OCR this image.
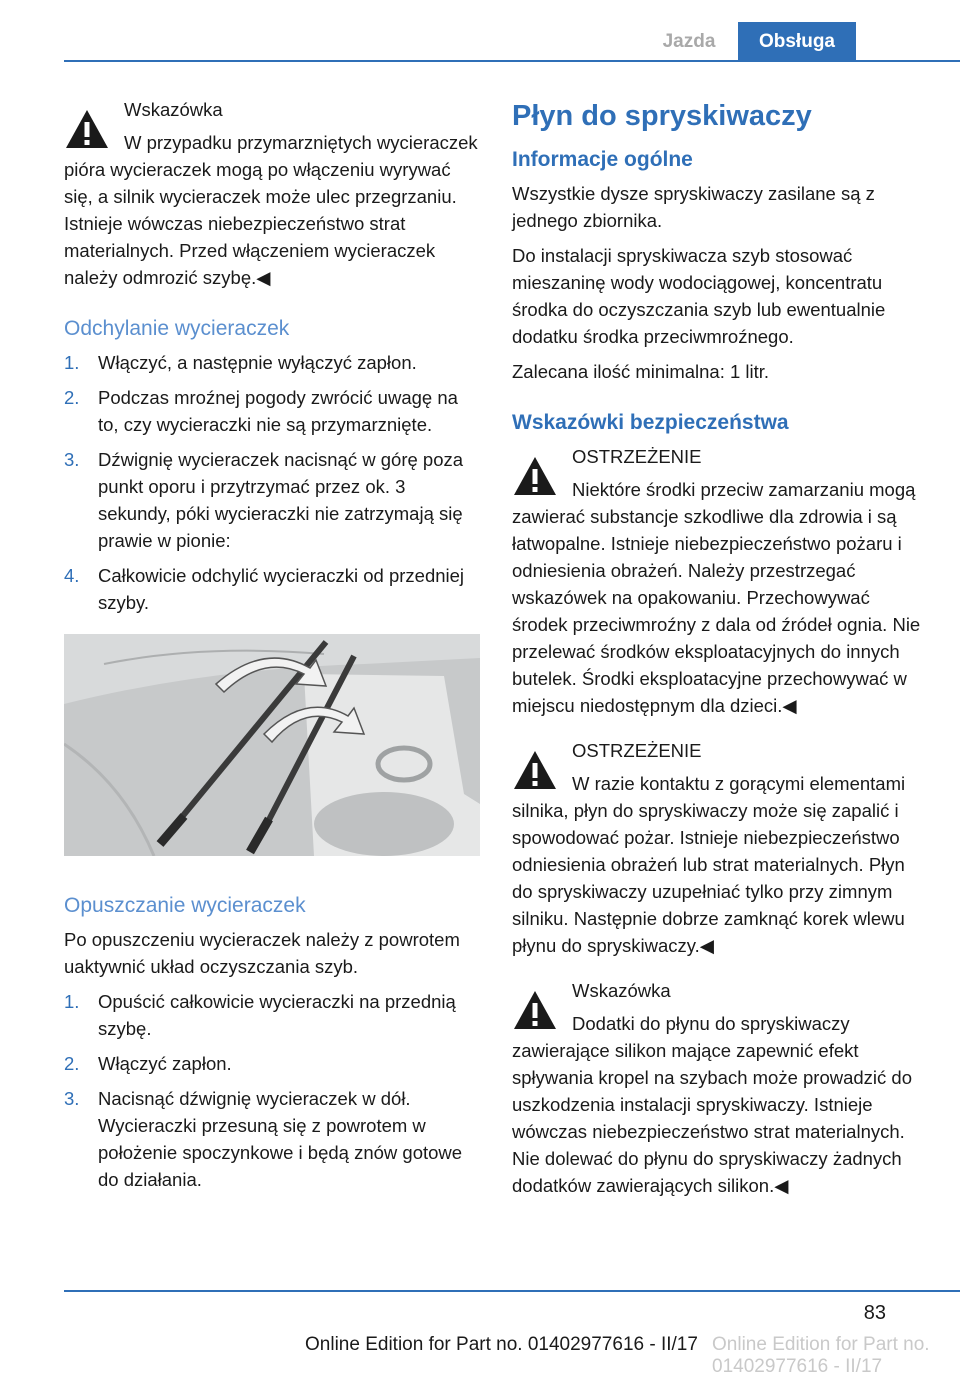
Jazda	Obsługa
Wskazówka
W przypadku przymarzniętych wycieraczek pióra wycieraczek mogą po włączeniu wyrywać się, a silnik wycieraczek może ulec przegrzaniu. Istnieje wówczas niebezpieczeństwo strat materialnych. Przed włączeniem wycieraczek należy odmrozić szybę.◀
Odchylanie wycieraczek
1.	Włączyć, a następnie wyłączyć zapłon.
2.	Podczas mroźnej pogody zwrócić uwagę na to, czy wycieraczki nie są przymarznięte.
3.	Dźwignię wycieraczek nacisnąć w górę poza punkt oporu i przytrzymać przez ok. 3 sekundy, póki wycieraczki nie zatrzymają się prawie w pionie:
4.	Całkowicie odchylić wycieraczki od przedniej szyby.
Opuszczanie wycieraczek

Po opuszczeniu wycieraczek należy z powrotem uaktywnić układ oczyszczania szyb.

1.	Opuścić całkowicie wycieraczki na przednią szybę.
2.	Włączyć zapłon.
3.	Nacisnąć dźwignię wycieraczek w dół. Wycieraczki przesuną się z powrotem w położenie spoczynkowe i będą znów gotowe do działania.
Płyn do spryskiwaczy
Informacje ogólne

Wszystkie dysze spryskiwaczy zasilane są z jednego zbiornika.

Do instalacji spryskiwacza szyb stosować mieszaninę wody wodociągowej, koncentratu środka do oczyszczania szyb lub ewentualnie dodatku środka przeciwmroźnego.

Zalecana ilość minimalna: 1 litr.

Wskazówki bezpieczeństwa
OSTRZEŻENIE
Niektóre środki przeciw zamarzaniu mogą zawierać substancje szkodliwe dla zdrowia i są łatwopalne. Istnieje niebezpieczeństwo pożaru i odniesienia obrażeń. Należy przestrzegać wskazówek na opakowaniu. Przechowywać środek przeciwmroźny z dala od źródeł ognia. Nie przelewać środków eksploatacyjnych do innych butelek. Środki eksploatacyjne przechowywać w miejscu niedostępnym dla dzieci.◀
OSTRZEŻENIE
W razie kontaktu z gorącymi elementami silnika, płyn do spryskiwaczy może się zapalić i spowodować pożar. Istnieje niebezpieczeństwo odniesienia obrażeń lub strat materialnych. Płyn do spryskiwaczy uzupełniać tylko przy zimnym silniku. Następnie dobrze zamknąć korek wlewu płynu do spryskiwaczy.◀
Wskazówka
Dodatki do płynu do spryskiwaczy zawierające silikon mające zapewnić efekt spływania kropel na szybach może prowadzić do uszkodzenia instalacji spryskiwaczy. Istnieje wówczas niebezpieczeństwo strat materialnych. Nie dolewać do płynu do spryskiwaczy żadnych dodatków zawierających silikon.◀
83
Online Edition for Part no. 01402977616 - II/17 Online Edition for Part no. 01402977616 - II/17
